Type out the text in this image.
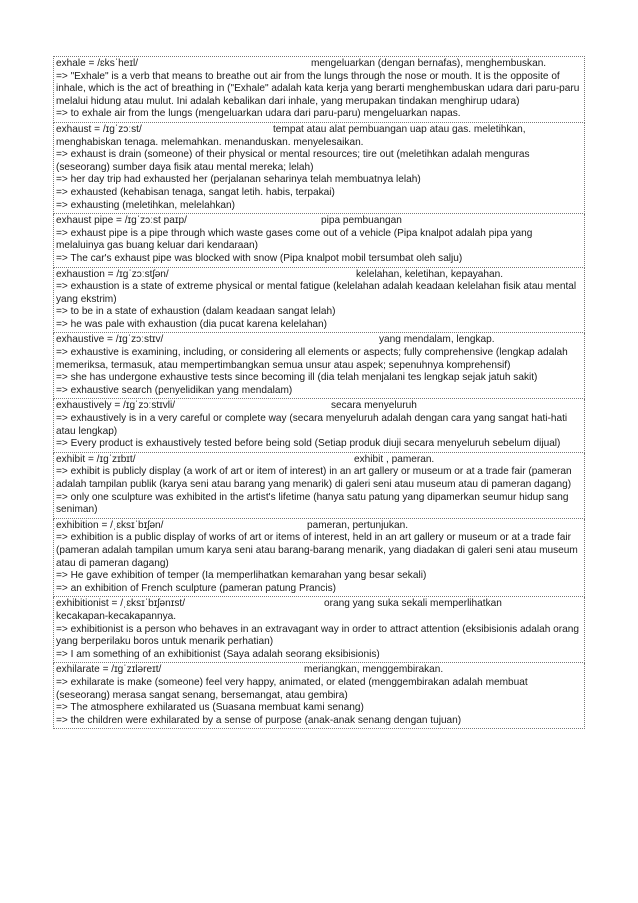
exhale = /ɛksˈheɪl/	mengeluarkan (dengan bernafas), menghembuskan.
=> "Exhale" is a verb that means to breathe out air from the lungs through the nose or mouth. It is the opposite of inhale, which is the act of breathing in ("Exhale" adalah kata kerja yang berarti menghembuskan udara dari paru-paru melalui hidung atau mulut. Ini adalah kebalikan dari inhale, yang merupakan tindakan menghirup udara)
=> to exhale air from the lungs (mengeluarkan udara dari paru-paru) mengeluarkan napas.
exhaust = /ɪɡˈzɔːst/	tempat atau alat pembuangan uap atau gas. meletihkan,
menghabiskan tenaga. melemahkan. menanduskan. menyelesaikan.
=> exhaust is drain (someone) of their physical or mental resources; tire out (meletihkan adalah menguras (seseorang) sumber daya fisik atau mental mereka; lelah)
=> her day trip had exhausted her (perjalanan seharinya telah membuatnya lelah)
=> exhausted (kehabisan tenaga, sangat letih. habis, terpakai)
=> exhausting (meletihkan, melelahkan)
exhaust pipe = /ɪɡˈzɔːst paɪp/	pipa pembuangan
=> exhaust pipe is a pipe through which waste gases come out of a vehicle (Pipa knalpot adalah pipa yang melaluinya gas buang keluar dari kendaraan)
=> The car's exhaust pipe was blocked with snow (Pipa knalpot mobil tersumbat oleh salju)
exhaustion = /ɪɡˈzɔːstʃən/	kelelahan, keletihan, kepayahan.
=> exhaustion is a state of extreme physical or mental fatigue (kelelahan adalah keadaan kelelahan fisik atau mental yang ekstrim)
=> to be in a state of exhaustion (dalam keadaan sangat lelah)
=> he was pale with exhaustion (dia pucat karena kelelahan)
exhaustive = /ɪɡˈzɔːstɪv/	yang mendalam, lengkap.
=> exhaustive is examining, including, or considering all elements or aspects; fully comprehensive (lengkap adalah memeriksa, termasuk, atau mempertimbangkan semua unsur atau aspek; sepenuhnya komprehensif)
=> she has undergone exhaustive tests since becoming ill (dia telah menjalani tes lengkap sejak jatuh sakit)
=> exhaustive search (penyelidikan yang mendalam)
exhaustively = /ɪɡˈzɔːstɪvli/	secara menyeluruh
=> exhaustively is in a very careful or complete way (secara menyeluruh adalah dengan cara yang sangat hati-hati atau lengkap)
=> Every product is exhaustively tested before being sold (Setiap produk diuji secara menyeluruh sebelum dijual)
exhibit = /ɪɡˈzɪbɪt/	exhibit , pameran.
=> exhibit is publicly display (a work of art or item of interest) in an art gallery or museum or at a trade fair (pameran adalah tampilan publik (karya seni atau barang yang menarik) di galeri seni atau museum atau di pameran dagang)
=> only one sculpture was exhibited in the artist's lifetime (hanya satu patung yang dipamerkan seumur hidup sang seniman)
exhibition = /ˌɛksɪˈbɪʃən/	pameran, pertunjukan.
=> exhibition is a public display of works of art or items of interest, held in an art gallery or museum or at a trade fair (pameran adalah tampilan umum karya seni atau barang-barang menarik, yang diadakan di galeri seni atau museum atau di pameran dagang)
=> He gave exhibition of temper (Ia memperlihatkan kemarahan yang besar sekali)
=> an exhibition of French sculpture (pameran patung Prancis)
exhibitionist = /ˌɛksɪˈbɪʃənɪst/	orang yang suka sekali memperlihatkan
kecakapan-kecakapannya.
=> exhibitionist is a person who behaves in an extravagant way in order to attract attention (eksibisionis adalah orang yang berperilaku boros untuk menarik perhatian)
=> I am something of an exhibitionist (Saya adalah seorang eksibisionis)
exhilarate = /ɪɡˈzɪləreɪt/	meriangkan, menggembirakan.
=> exhilarate is make (someone) feel very happy, animated, or elated (menggembirakan adalah membuat (seseorang) merasa sangat senang, bersemangat, atau gembira)
=> The atmosphere exhilarated us (Suasana membuat kami senang)
=> the children were exhilarated by a sense of purpose (anak-anak senang dengan tujuan)
